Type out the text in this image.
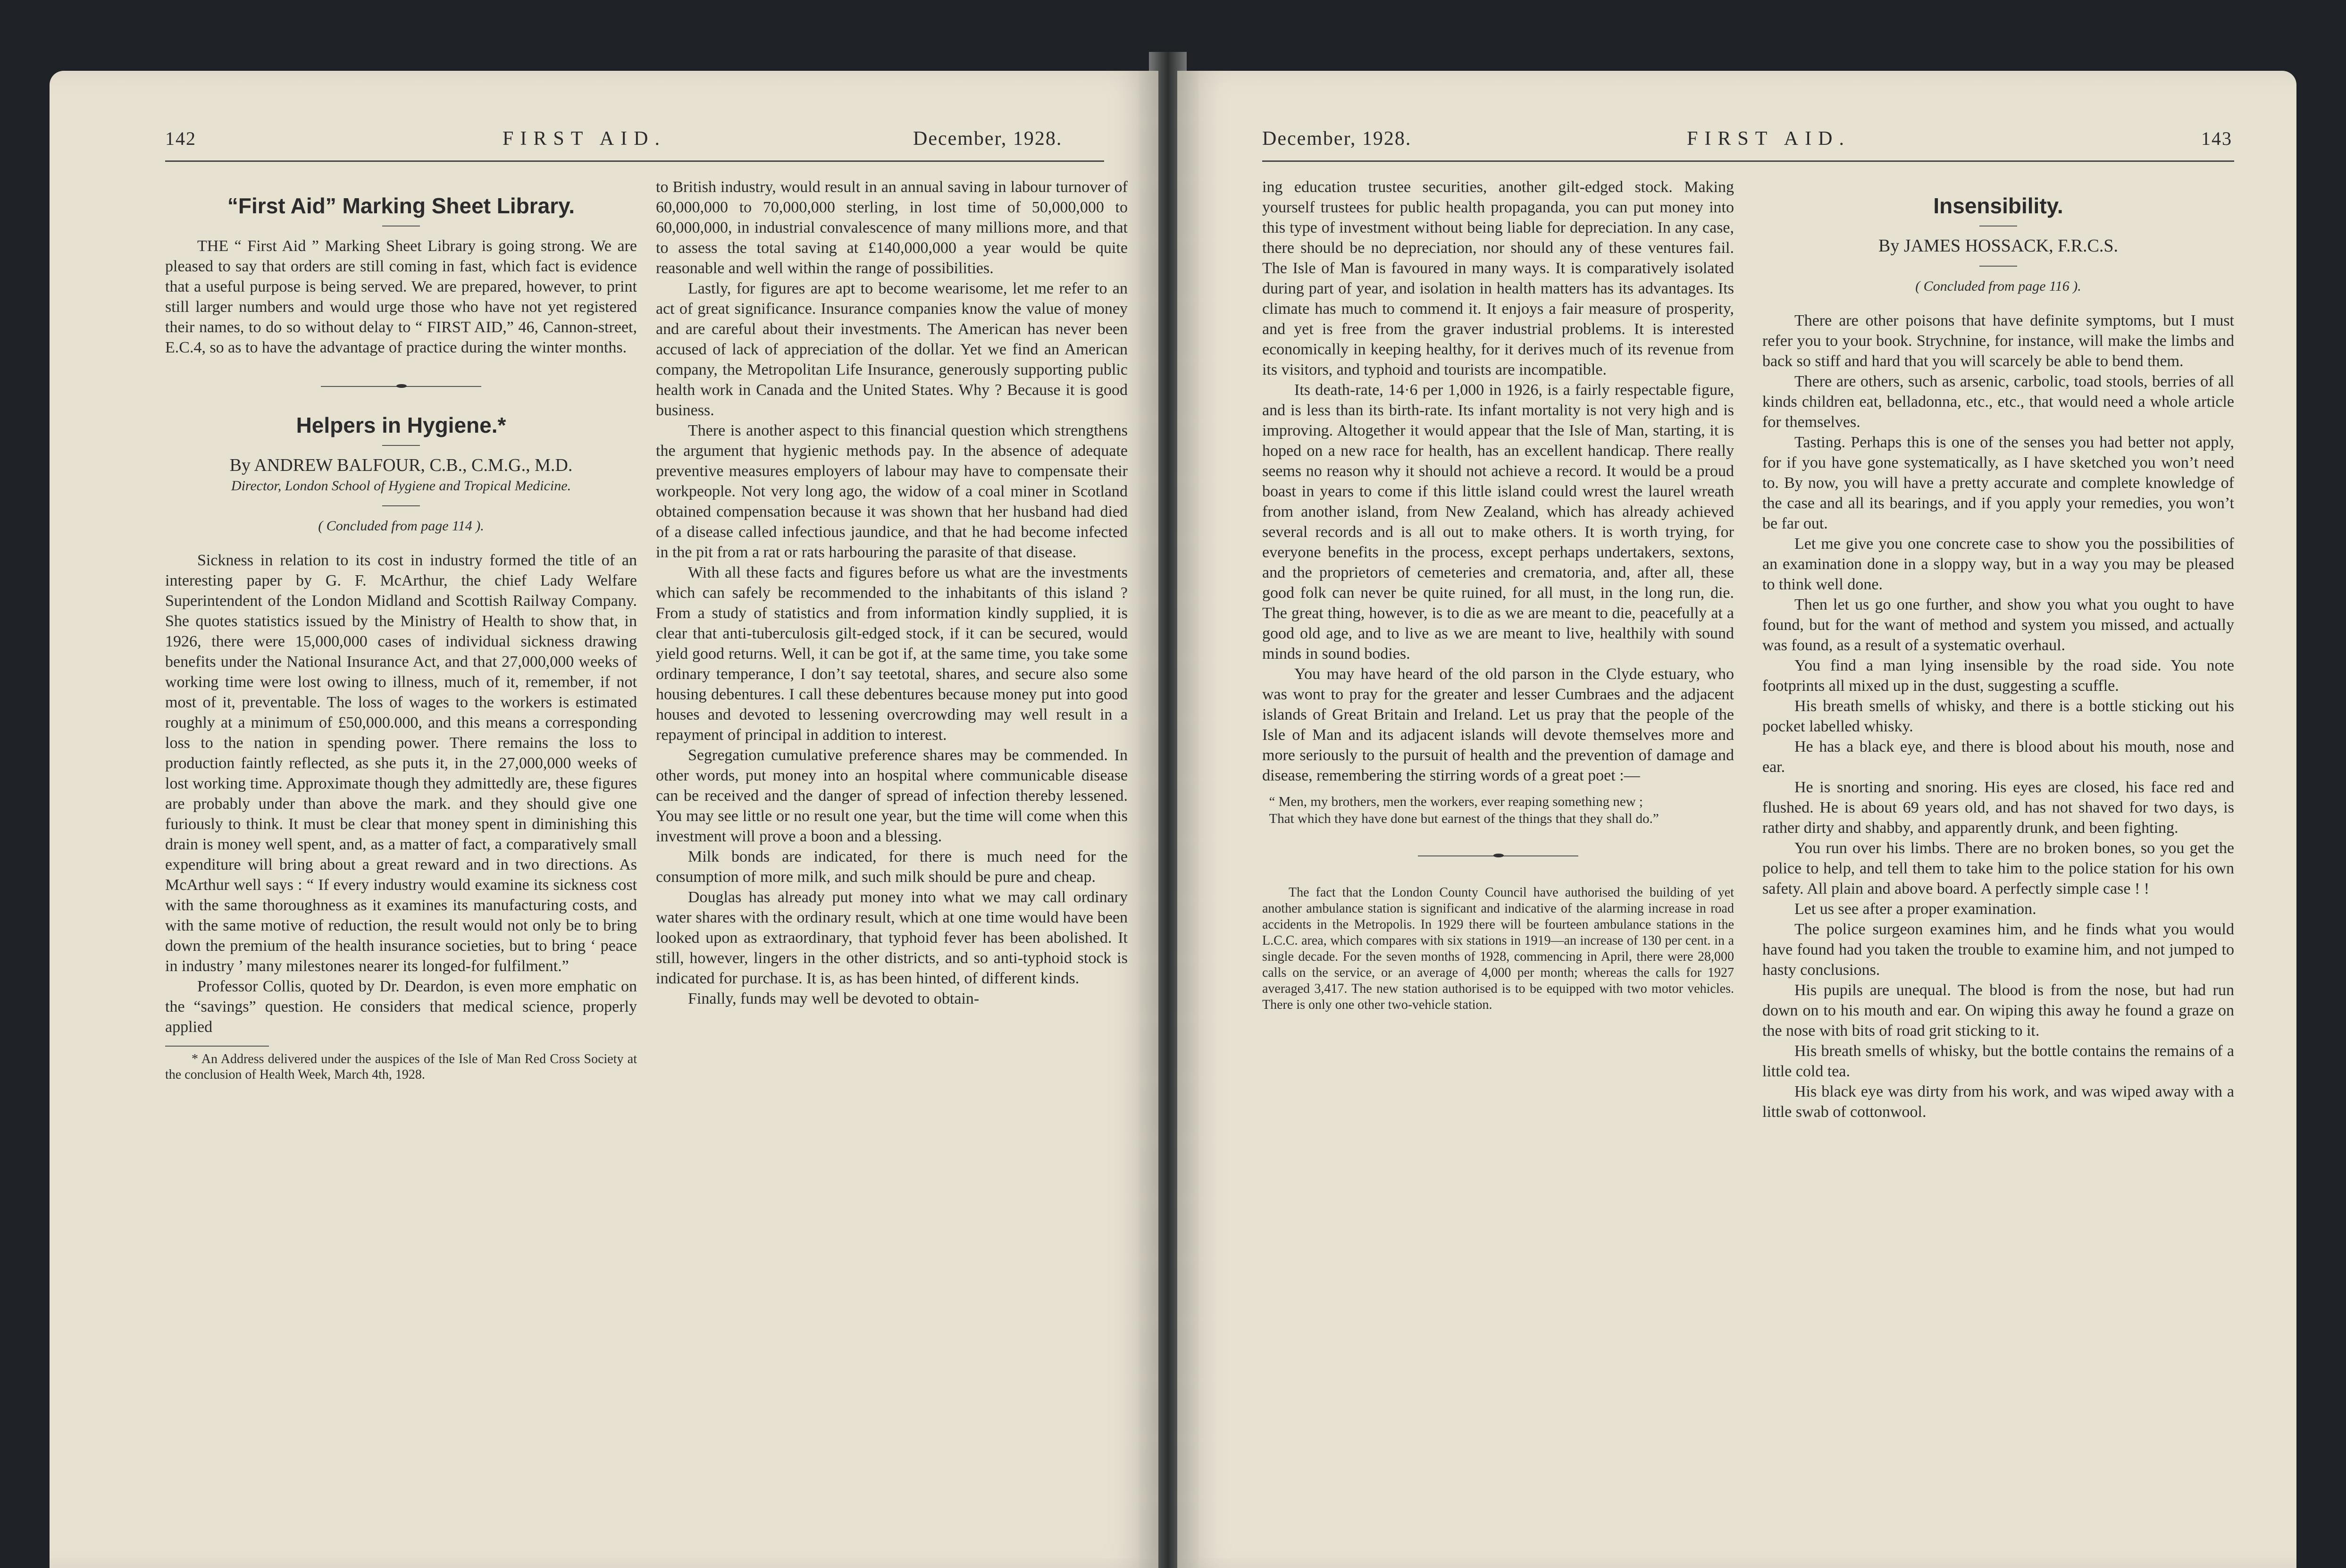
142	FIRST AID.	December, 1928.
“First Aid” Marking Sheet Library.

THE “ First Aid ” Marking Sheet Library is going strong. We are pleased to say that orders are still coming in fast, which fact is evidence that a useful purpose is being served. We are prepared, however, to print still larger numbers and would urge those who have not yet registered their names, to do so without delay to “ FIRST AID,” 46, Cannon-street, E.C.4, so as to have the advantage of practice during the winter months.

Helpers in Hygiene.*
By ANDREW BALFOUR, C.B., C.M.G., M.D.
Director, London School of Hygiene and Tropical Medicine.
( Concluded from page 114 ).

Sickness in relation to its cost in industry formed the title of an interesting paper by G. F. McArthur, the chief Lady Welfare Superintendent of the London Midland and Scottish Railway Company. She quotes statistics issued by the Ministry of Health to show that, in 1926, there were 15,000,000 cases of individual sickness drawing benefits under the National Insurance Act, and that 27,000,000 weeks of working time were lost owing to illness, much of it, remember, if not most of it, preventable. The loss of wages to the workers is estimated roughly at a minimum of £50,000.000, and this means a corresponding loss to the nation in spending power. There remains the loss to production faintly reflected, as she puts it, in the 27,000,000 weeks of lost working time. Approximate though they admittedly are, these figures are probably under than above the mark. and they should give one furiously to think. It must be clear that money spent in diminishing this drain is money well spent, and, as a matter of fact, a comparatively small expenditure will bring about a great reward and in two directions. As McArthur well says : “ If every industry would examine its sickness cost with the same thoroughness as it examines its manufacturing costs, and with the same motive of reduction, the result would not only be to bring down the premium of the health insurance societies, but to bring ‘ peace in industry ’ many milestones nearer its longed-for fulfilment.”

Professor Collis, quoted by Dr. Deardon, is even more emphatic on the “savings” question. He considers that medical science, properly applied

* An Address delivered under the auspices of the Isle of Man Red Cross Society at the conclusion of Health Week, March 4th, 1928.

to British industry, would result in an annual saving in labour turnover of 60,000,000 to 70,000,000 sterling, in lost time of 50,000,000 to 60,000,000, in industrial convalescence of many millions more, and that to assess the total saving at £140,000,000 a year would be quite reasonable and well within the range of possibilities.

Lastly, for figures are apt to become wearisome, let me refer to an act of great significance. Insurance companies know the value of money and are careful about their investments. The American has never been accused of lack of appreciation of the dollar. Yet we find an American company, the Metropolitan Life Insurance, generously supporting public health work in Canada and the United States. Why ? Because it is good business.

There is another aspect to this financial question which strengthens the argument that hygienic methods pay. In the absence of adequate preventive measures employers of labour may have to compensate their workpeople. Not very long ago, the widow of a coal miner in Scotland obtained compensation because it was shown that her husband had died of a disease called infectious jaundice, and that he had become infected in the pit from a rat or rats harbouring the parasite of that disease.

With all these facts and figures before us what are the investments which can safely be recommended to the inhabitants of this island ? From a study of statistics and from information kindly supplied, it is clear that anti-tuberculosis gilt-edged stock, if it can be secured, would yield good returns. Well, it can be got if, at the same time, you take some ordinary temperance, I don’t say teetotal, shares, and secure also some housing debentures. I call these debentures because money put into good houses and devoted to lessening overcrowding may well result in a repayment of principal in addition to interest.

Segregation cumulative preference shares may be commended. In other words, put money into an hospital where communicable disease can be received and the danger of spread of infection thereby lessened. You may see little or no result one year, but the time will come when this investment will prove a boon and a blessing.

Milk bonds are indicated, for there is much need for the consumption of more milk, and such milk should be pure and cheap.

Douglas has already put money into what we may call ordinary water shares with the ordinary result, which at one time would have been looked upon as extraordinary, that typhoid fever has been abolished. It still, however, lingers in the other districts, and so anti-typhoid stock is indicated for purchase. It is, as has been hinted, of different kinds.

Finally, funds may well be devoted to obtain-

December, 1928.	FIRST AID.	143

ing education trustee securities, another gilt-edged stock. Making yourself trustees for public health propaganda, you can put money into this type of investment without being liable for depreciation. In any case, there should be no depreciation, nor should any of these ventures fail. The Isle of Man is favoured in many ways. It is comparatively isolated during part of year, and isolation in health matters has its advantages. Its climate has much to commend it. It enjoys a fair measure of prosperity, and yet is free from the graver industrial problems. It is interested economically in keeping healthy, for it derives much of its revenue from its visitors, and typhoid and tourists are incompatible.

Its death-rate, 14·6 per 1,000 in 1926, is a fairly respectable figure, and is less than its birth-rate. Its infant mortality is not very high and is improving. Altogether it would appear that the Isle of Man, starting, it is hoped on a new race for health, has an excellent handicap. There really seems no reason why it should not achieve a record. It would be a proud boast in years to come if this little island could wrest the laurel wreath from another island, from New Zealand, which has already achieved several records and is all out to make others. It is worth trying, for everyone benefits in the process, except perhaps undertakers, sextons, and the proprietors of cemeteries and crematoria, and, after all, these good folk can never be quite ruined, for all must, in the long run, die. The great thing, however, is to die as we are meant to die, peacefully at a good old age, and to live as we are meant to live, healthily with sound minds in sound bodies.

You may have heard of the old parson in the Clyde estuary, who was wont to pray for the greater and lesser Cumbraes and the adjacent islands of Great Britain and Ireland. Let us pray that the people of the Isle of Man and its adjacent islands will devote themselves more and more seriously to the pursuit of health and the prevention of damage and disease, remembering the stirring words of a great poet :—

“ Men, my brothers, men the workers, ever reaping something new ;
That which they have done but earnest of the things that they shall do.”

The fact that the London County Council have authorised the building of yet another ambulance station is significant and indicative of the alarming increase in road accidents in the Metropolis. In 1929 there will be fourteen ambulance stations in the L.C.C. area, which compares with six stations in 1919—an increase of 130 per cent. in a single decade. For the seven months of 1928, commencing in April, there were 28,000 calls on the service, or an average of 4,000 per month; whereas the calls for 1927 averaged 3,417. The new station authorised is to be equipped with two motor vehicles. There is only one other two-vehicle station.

Insensibility.
By JAMES HOSSACK, F.R.C.S.
( Concluded from page 116 ).

There are other poisons that have definite symptoms, but I must refer you to your book. Strychnine, for instance, will make the limbs and back so stiff and hard that you will scarcely be able to bend them.

There are others, such as arsenic, carbolic, toad stools, berries of all kinds children eat, belladonna, etc., etc., that would need a whole article for themselves.

Tasting. Perhaps this is one of the senses you had better not apply, for if you have gone systematically, as I have sketched you won’t need to. By now, you will have a pretty accurate and complete knowledge of the case and all its bearings, and if you apply your remedies, you won’t be far out.

Let me give you one concrete case to show you the possibilities of an examination done in a sloppy way, but in a way you may be pleased to think well done.

Then let us go one further, and show you what you ought to have found, but for the want of method and system you missed, and actually was found, as a result of a systematic overhaul.

You find a man lying insensible by the road side. You note footprints all mixed up in the dust, suggesting a scuffle.

His breath smells of whisky, and there is a bottle sticking out his pocket labelled whisky.

He has a black eye, and there is blood about his mouth, nose and ear.

He is snorting and snoring. His eyes are closed, his face red and flushed. He is about 69 years old, and has not shaved for two days, is rather dirty and shabby, and apparently drunk, and been fighting.

You run over his limbs. There are no broken bones, so you get the police to help, and tell them to take him to the police station for his own safety. All plain and above board. A perfectly simple case ! !

Let us see after a proper examination.

The police surgeon examines him, and he finds what you would have found had you taken the trouble to examine him, and not jumped to hasty conclusions.

His pupils are unequal. The blood is from the nose, but had run down on to his mouth and ear. On wiping this away he found a graze on the nose with bits of road grit sticking to it.

His breath smells of whisky, but the bottle contains the remains of a little cold tea.

His black eye was dirty from his work, and was wiped away with a little swab of cottonwool.
